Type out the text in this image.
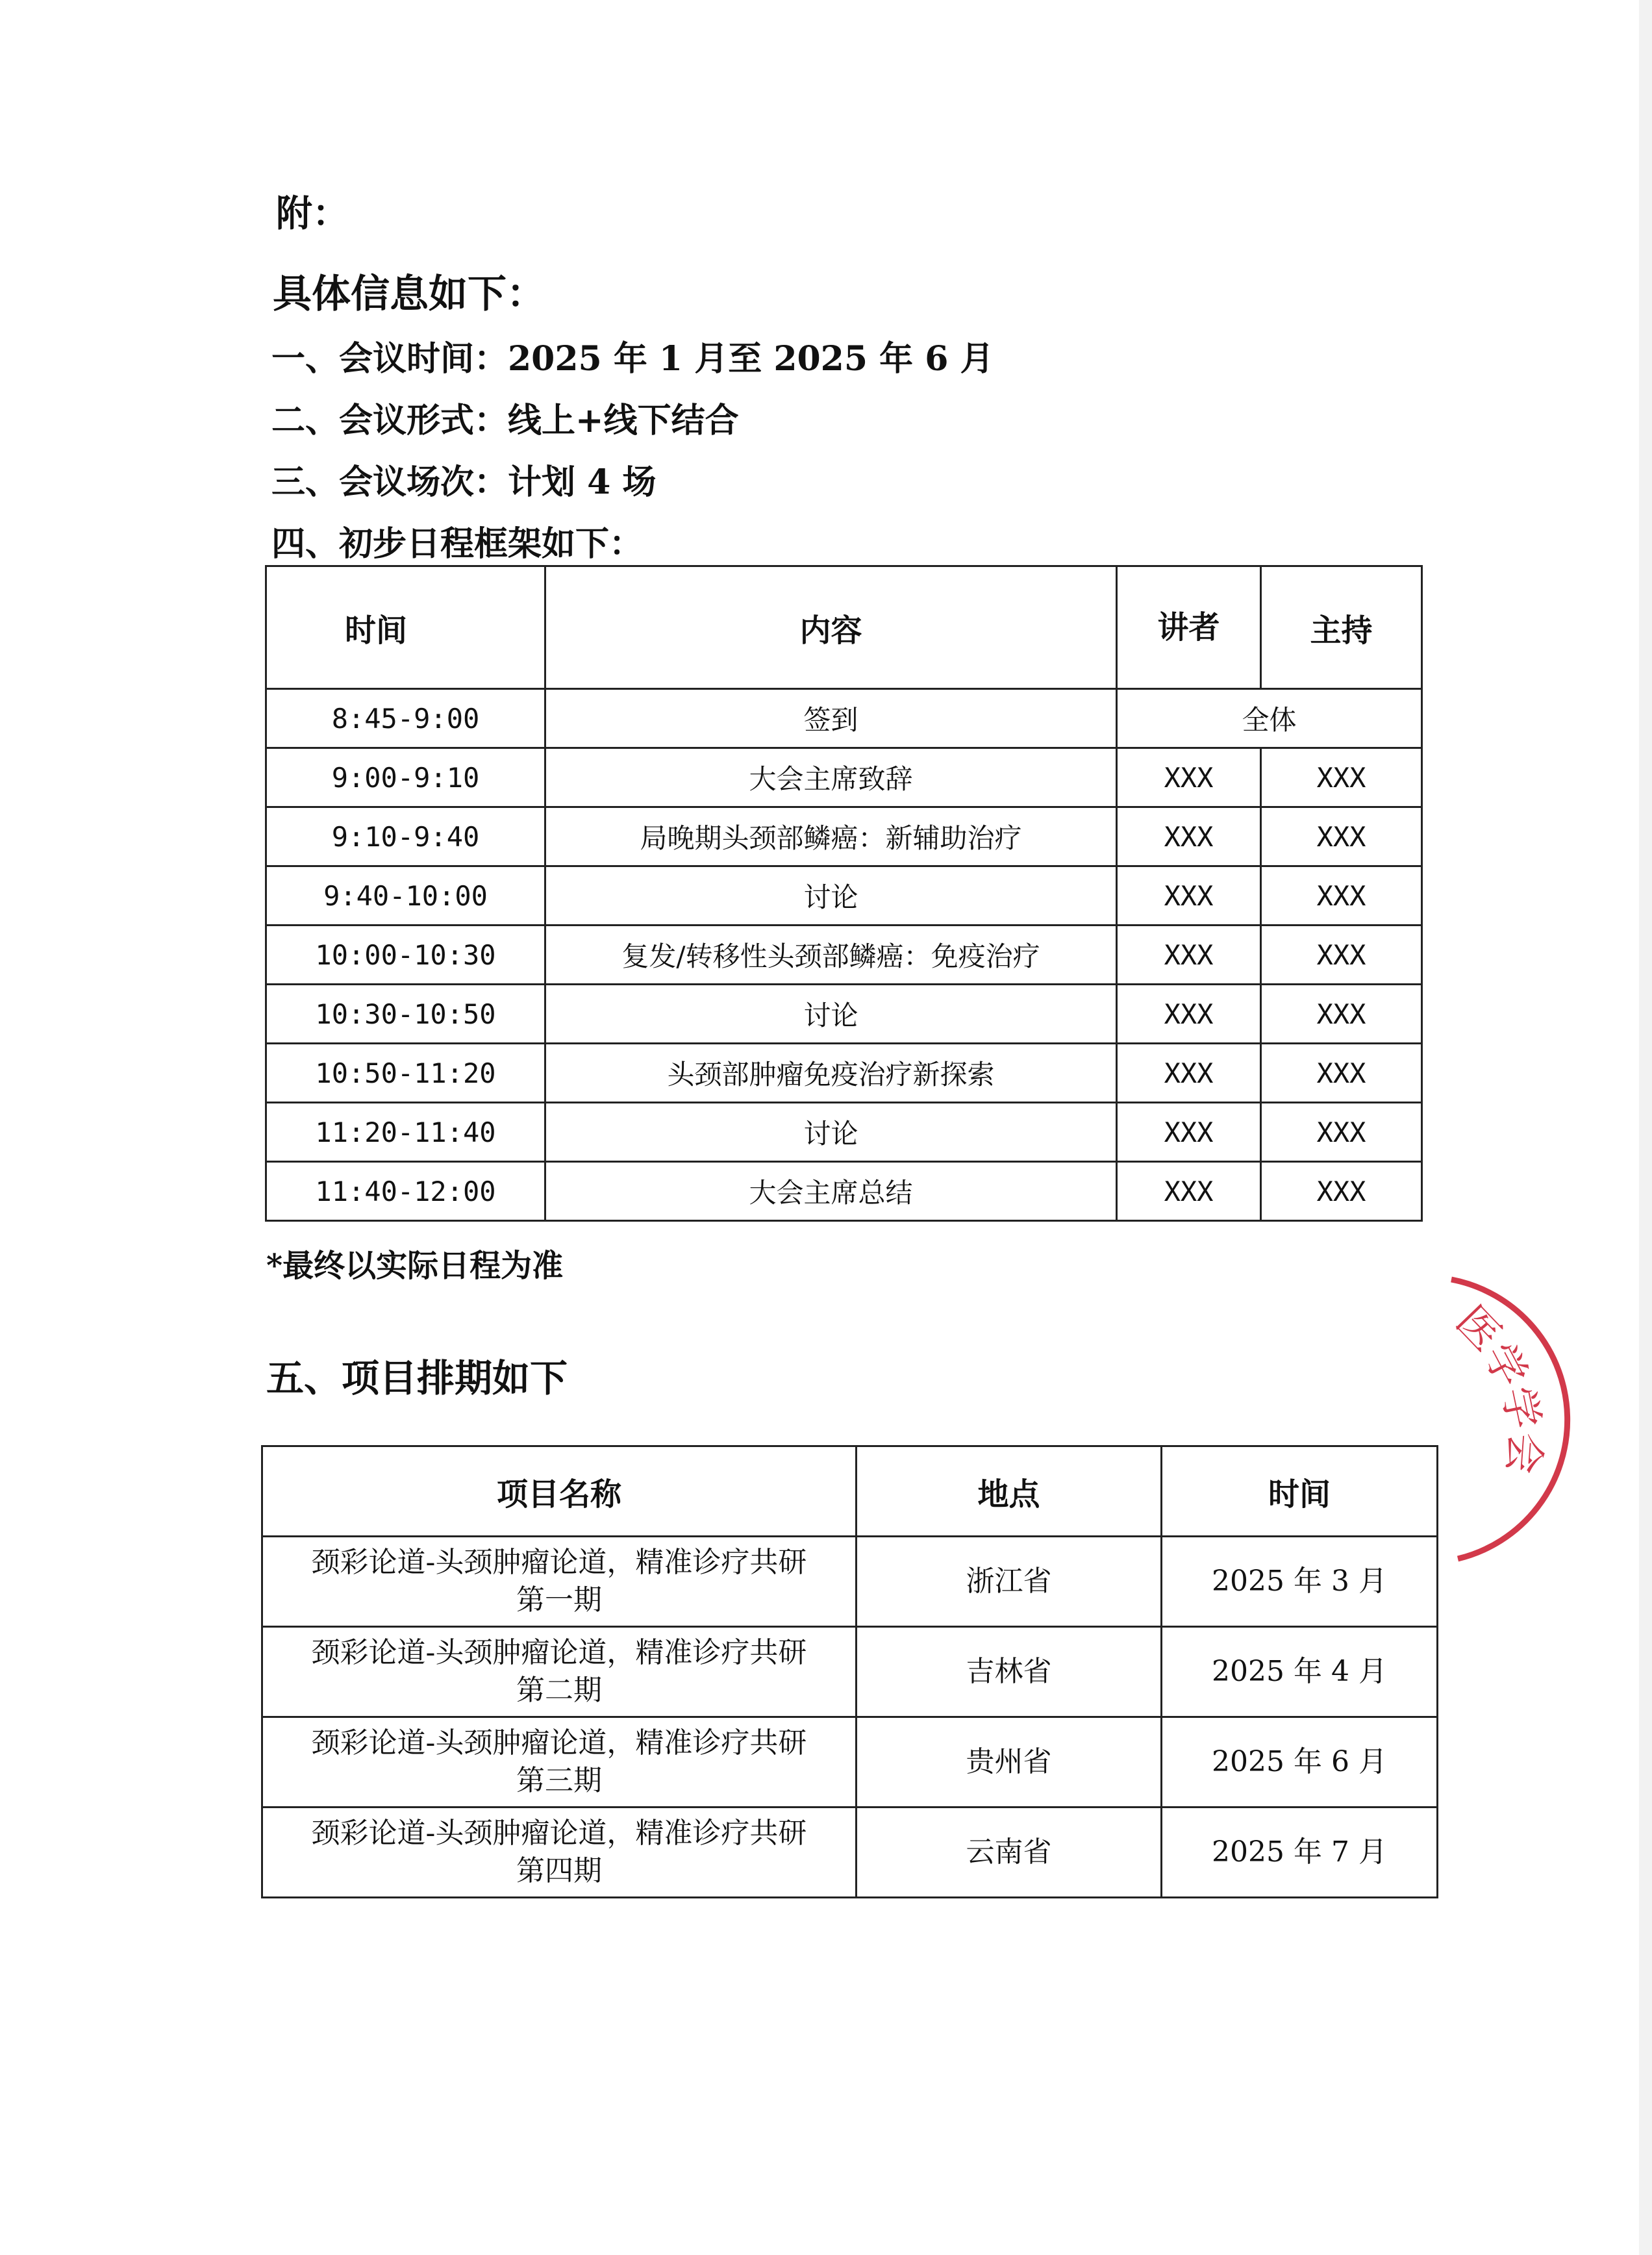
附：
具体信息如下：
一、会议时间：2025 年 1 月至 2025 年 6 月
二、会议形式：线上+线下结合
三、会议场次：计划 4 场
四、初步日程框架如下：
时间	内容	讲者	主持
8:45-9:00	签到	全体	
9:00-9:10	大会主席致辞	XXX	XXX
9:10-9:40	局晚期头颈部鳞癌：新辅助治疗	XXX	XXX
9:40-10:00	讨论	XXX	XXX
10:00-10:30	复发/转移性头颈部鳞癌：免疫治疗	XXX	XXX
10:30-10:50	讨论	XXX	XXX
10:50-11:20	头颈部肿瘤免疫治疗新探索	XXX	XXX
11:20-11:40	讨论	XXX	XXX
11:40-12:00	大会主席总结	XXX	XXX
*最终以实际日程为准
五、项目排期如下
项目名称	地点	时间

颈彩论道-头颈肿瘤论道，精准诊疗共研
第一期	浙江省	2025 年 3 月

颈彩论道-头颈肿瘤论道，精准诊疗共研
第二期	吉林省	2025 年 4 月

颈彩论道-头颈肿瘤论道，精准诊疗共研
第三期	贵州省	2025 年 6 月

颈彩论道-头颈肿瘤论道，精准诊疗共研
第四期	云南省	2025 年 7 月
医学学会
